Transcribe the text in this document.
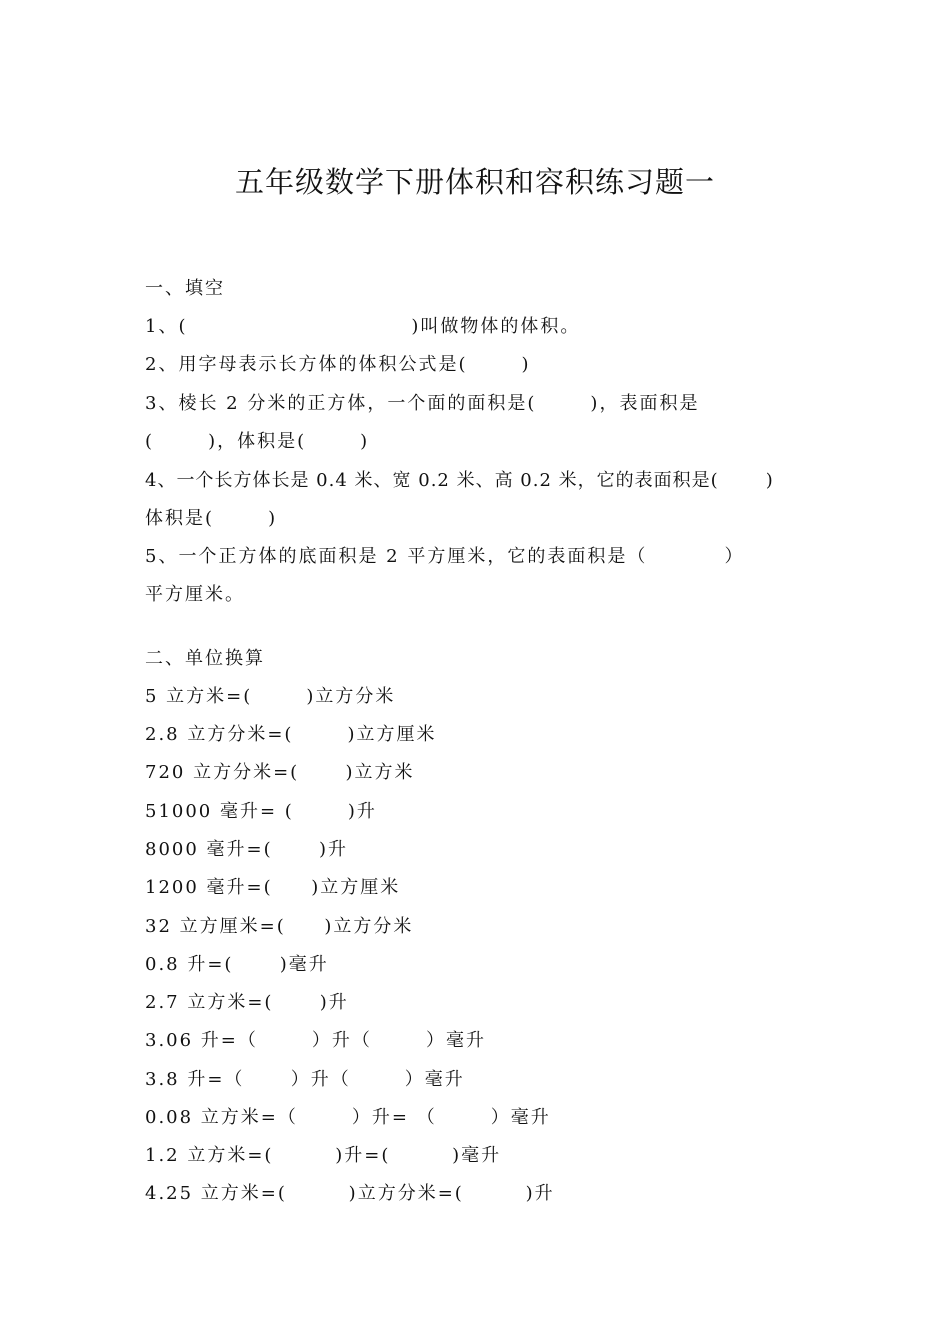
五年级数学下册体积和容积练习题一
一、填空
1、(                             )叫做物体的体积。
2、用字母表示长方体的体积公式是(       )
3、棱长 2 分米的正方体，一个面的面积是(       )，表面积是
(       )，体积是(       )
4、一个长方体长是 0.4 米、宽 0.2 米、高 0.2 米，它的表面积是(       )
体积是(       )
5、一个正方体的底面积是 2 平方厘米，它的表面积是（          ）
平方厘米。
二、单位换算
5 立方米=(       )立方分米
2.8 立方分米=(       )立方厘米
720 立方分米=(      )立方米
51000 毫升= (       )升
8000 毫升=(      )升
1200 毫升=(     )立方厘米
32 立方厘米=(     )立方分米
0.8 升=(      )毫升
2.7 立方米=(      )升
3.06 升=（       ）升（       ）毫升
3.8 升=（      ）升（       ）毫升
0.08 立方米=（       ）升= （       ）毫升
1.2 立方米=(        )升=(        )毫升
4.25 立方米=(        )立方分米=(        )升
